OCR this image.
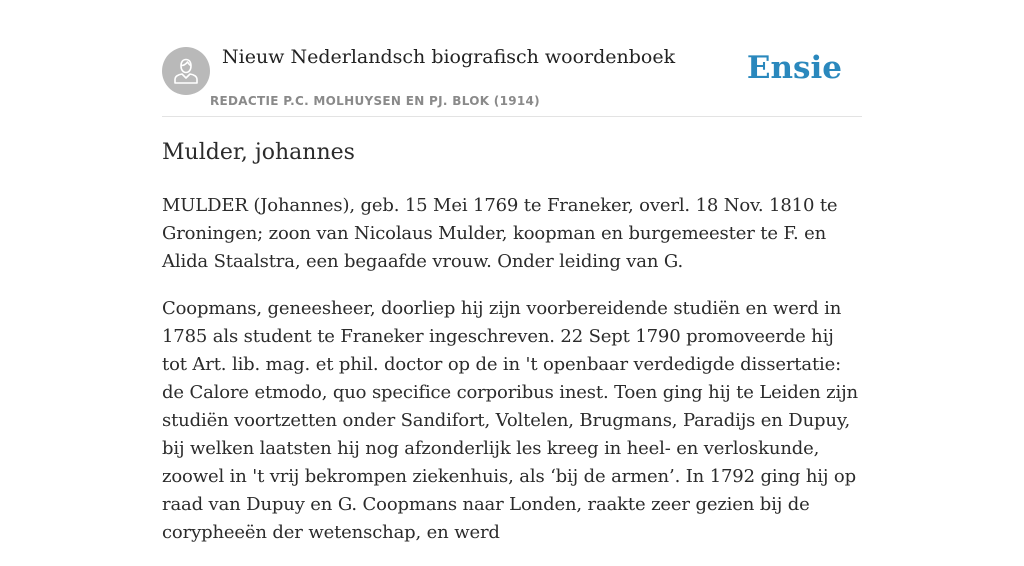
Nieuw Nederlandsch biografisch woordenboek
REDACTIE P.C. MOLHUYSEN EN PJ. BLOK (1914)
Ensie
Mulder, johannes

MULDER (Johannes), geb. 15 Mei 1769 te Franeker, overl. 18 Nov. 1810 te Groningen; zoon van Nicolaus Mulder, koopman en burgemeester te F. en Alida Staalstra, een begaafde vrouw. Onder leiding van G.

Coopmans, geneesheer, doorliep hij zijn voorbereidende studiën en werd in 1785 als student te Franeker ingeschreven. 22 Sept 1790 promoveerde hij tot Art. lib. mag. et phil. doctor op de in 't openbaar verdedigde dissertatie: de Calore etmodo, quo specifice corporibus inest. Toen ging hij te Leiden zijn studiën voortzetten onder Sandifort, Voltelen, Brugmans, Paradijs en Dupuy, bij welken laatsten hij nog afzonderlijk les kreeg in heel- en verloskunde, zoowel in 't vrij bekrompen ziekenhuis, als ‘bij de armen’. In 1792 ging hij op raad van Dupuy en G. Coopmans naar Londen, raakte zeer gezien bij de corypheeën der wetenschap, en werd
